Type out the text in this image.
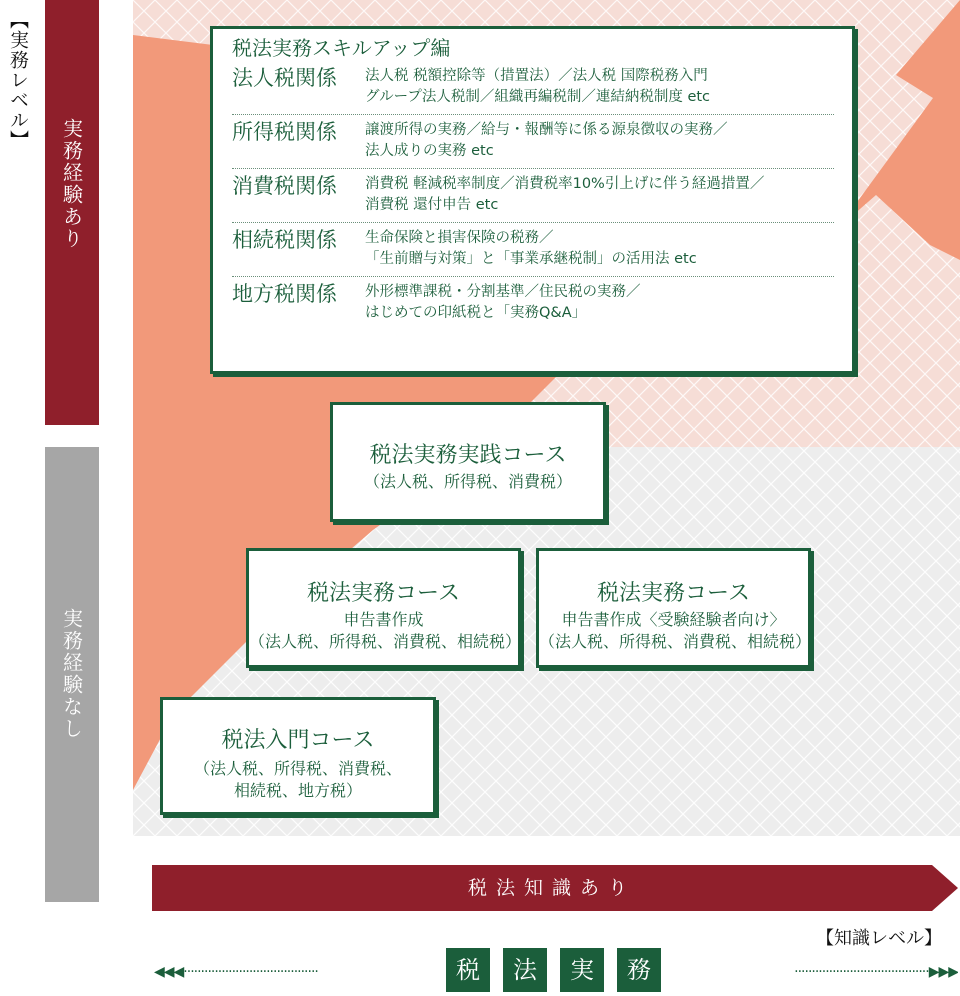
【実務レベル】
実務経験あり
実務経験なし
税法実務スキルアップ編
法人税関係	法人税 税額控除等（措置法）／法人税 国際税務入門
グループ法人税制／組織再編税制／連結納税制度 etc
所得税関係	譲渡所得の実務／給与・報酬等に係る源泉徴収の実務／
法人成りの実務 etc
消費税関係	消費税 軽減税率制度／消費税率10%引上げに伴う経過措置／
消費税 還付申告 etc
相続税関係	生命保険と損害保険の税務／
「生前贈与対策」と「事業承継税制」の活用法 etc
地方税関係	外形標準課税・分割基準／住民税の実務／
はじめての印紙税と「実務Q&A」
税法実務実践コース
（法人税、所得税、消費税）
税法実務コース
申告書作成
（法人税、所得税、消費税、相続税）
税法実務コース
申告書作成〈受験経験者向け〉
（法人税、所得税、消費税、相続税）
税法入門コース
（法人税、所得税、消費税、
相続税、地方税）
税法知識あり
【知識レベル】
◀◀◀·······································	·······································▶▶▶
税	法	実	務
